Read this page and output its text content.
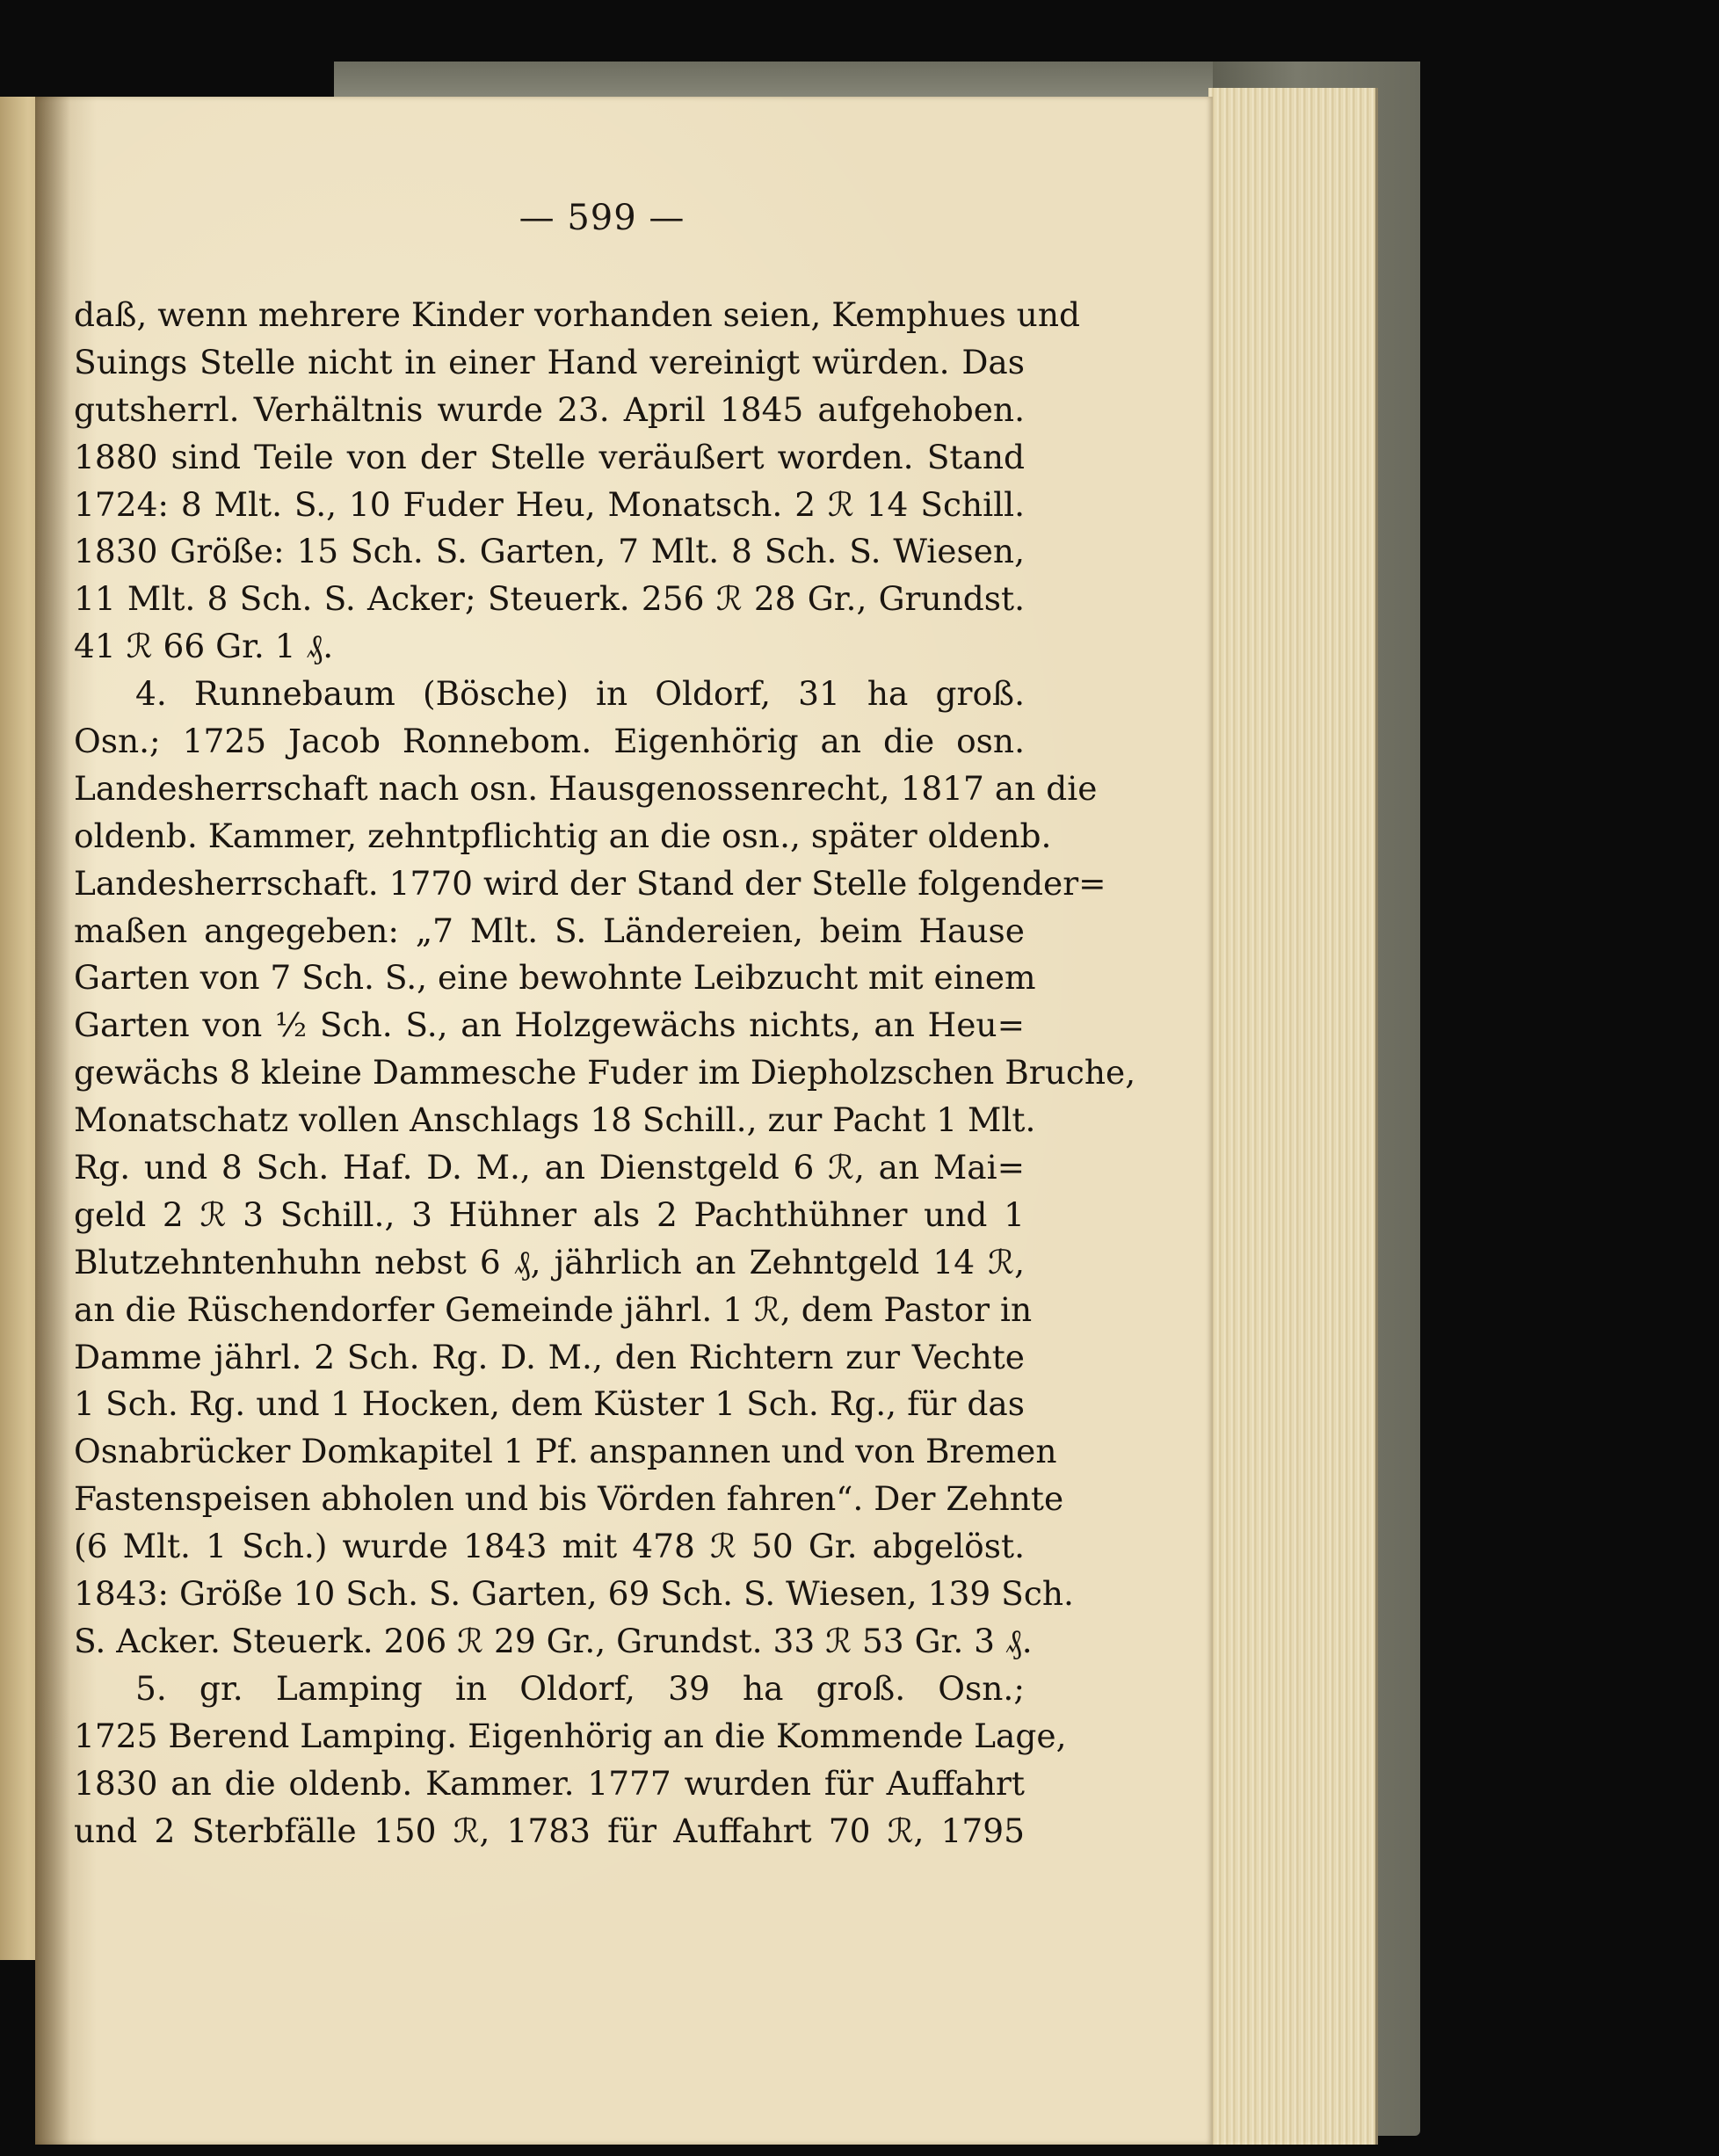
— 599 —
daß, wenn mehrere Kinder vorhanden seien, Kemphues und
Suings Stelle nicht in einer Hand vereinigt würden. Das
gutsherrl. Verhältnis wurde 23. April 1845 aufgehoben.
1880 sind Teile von der Stelle veräußert worden. Stand
1724: 8 Mlt. S., 10 Fuder Heu, Monatsch. 2 ℛ 14 Schill.
1830 Größe: 15 Sch. S. Garten, 7 Mlt. 8 Sch. S. Wiesen,
11 Mlt. 8 Sch. S. Acker; Steuerk. 256 ℛ 28 Gr., Grundst.
41 ℛ 66 Gr. 1 ₰.
4. Runnebaum (Bösche) in Oldorf, 31 ha groß.
Osn.; 1725 Jacob Ronnebom. Eigenhörig an die osn.
Landesherrschaft nach osn. Hausgenossenrecht, 1817 an die
oldenb. Kammer, zehntpflichtig an die osn., später oldenb.
Landesherrschaft. 1770 wird der Stand der Stelle folgender=
maßen angegeben: „7 Mlt. S. Ländereien, beim Hause
Garten von 7 Sch. S., eine bewohnte Leibzucht mit einem
Garten von ½ Sch. S., an Holzgewächs nichts, an Heu=
gewächs 8 kleine Dammesche Fuder im Diepholzschen Bruche,
Monatschatz vollen Anschlags 18 Schill., zur Pacht 1 Mlt.
Rg. und 8 Sch. Haf. D. M., an Dienstgeld 6 ℛ, an Mai=
geld 2 ℛ 3 Schill., 3 Hühner als 2 Pachthühner und 1
Blutzehntenhuhn nebst 6 ₰, jährlich an Zehntgeld 14 ℛ,
an die Rüschendorfer Gemeinde jährl. 1 ℛ, dem Pastor in
Damme jährl. 2 Sch. Rg. D. M., den Richtern zur Vechte
1 Sch. Rg. und 1 Hocken, dem Küster 1 Sch. Rg., für das
Osnabrücker Domkapitel 1 Pf. anspannen und von Bremen
Fastenspeisen abholen und bis Vörden fahren“. Der Zehnte
(6 Mlt. 1 Sch.) wurde 1843 mit 478 ℛ 50 Gr. abgelöst.
1843: Größe 10 Sch. S. Garten, 69 Sch. S. Wiesen, 139 Sch.
S. Acker. Steuerk. 206 ℛ 29 Gr., Grundst. 33 ℛ 53 Gr. 3 ₰.
5. gr. Lamping in Oldorf, 39 ha groß. Osn.;
1725 Berend Lamping. Eigenhörig an die Kommende Lage,
1830 an die oldenb. Kammer. 1777 wurden für Auffahrt
und 2 Sterbfälle 150 ℛ, 1783 für Auffahrt 70 ℛ, 1795
